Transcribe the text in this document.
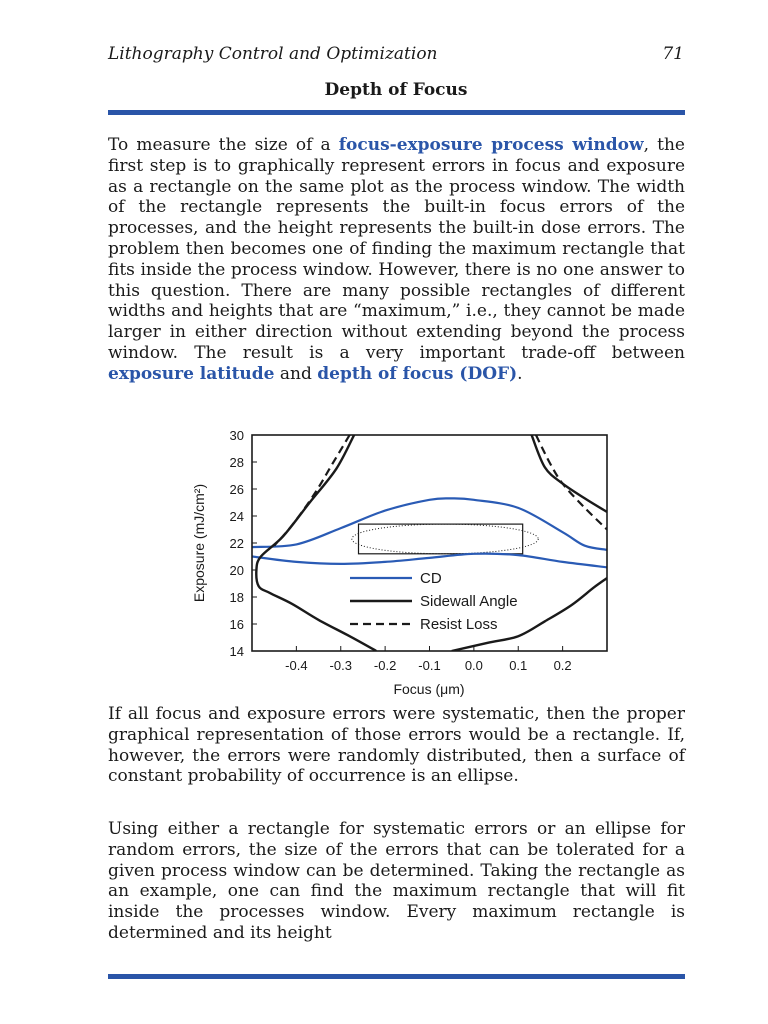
Lithography Control and Optimization	71
Depth of Focus

To measure the size of a focus-exposure process window, the first step is to graphically represent errors in focus and exposure as a rectangle on the same plot as the process window. The width of the rectangle represents the built-in focus errors of the processes, and the height represents the built-in dose errors. The problem then becomes one of finding the maximum rectangle that fits inside the process window. However, there is no one answer to this question. There are many possible rectangles of different widths and heights that are “maximum,” i.e., they cannot be made larger in either direction without extending beyond the process window. The result is a very important trade-off between exposure latitude and depth of focus (DOF).

14
16
18
20
22
24
26
28
30
-0.4 -0.3 -0.2 -0.1 0.0 0.1 0.2
CD
Sidewall Angle
Resist Loss
Focus (μm)
Exposure (mJ/cm²)

If all focus and exposure errors were systematic, then the proper graphical representation of those errors would be a rectangle. If, however, the errors were randomly distributed, then a surface of constant probability of occurrence is an ellipse.

Using either a rectangle for systematic errors or an ellipse for random errors, the size of the errors that can be tolerated for a given process window can be determined. Taking the rectangle as an example, one can find the maximum rectangle that will fit inside the processes window. Every maximum rectangle is determined and its height
